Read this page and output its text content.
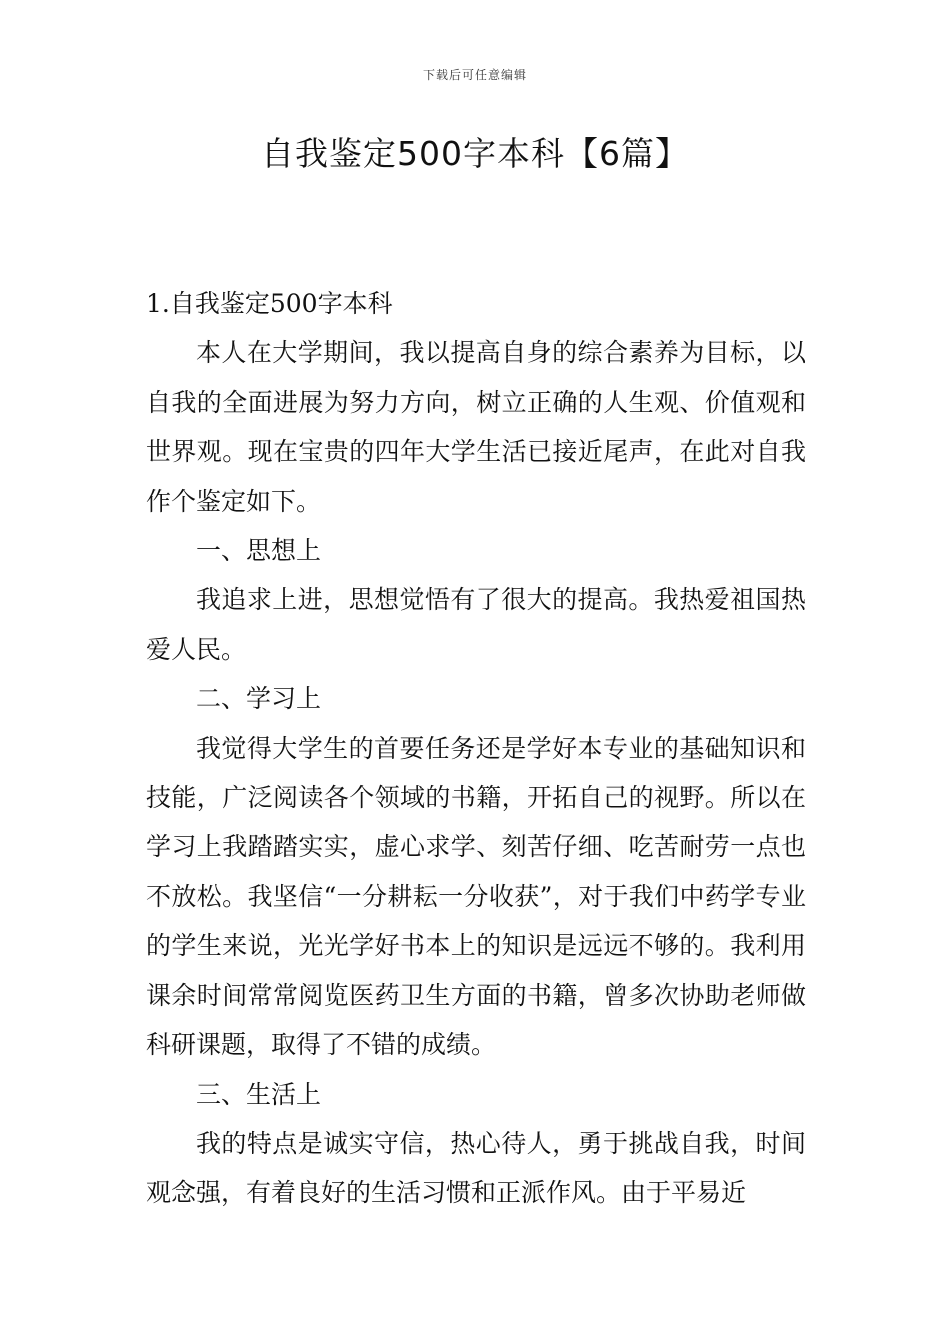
下载后可任意编辑
自我鉴定500字本科【6篇】

1.自我鉴定500字本科

本人在大学期间，我以提高自身的综合素养为目标，以自我的全面进展为努力方向，树立正确的人生观、价值观和世界观。现在宝贵的四年大学生活已接近尾声，在此对自我作个鉴定如下。

一、思想上

我追求上进，思想觉悟有了很大的提高。我热爱祖国热爱人民。

二、学习上

我觉得大学生的首要任务还是学好本专业的基础知识和技能，广泛阅读各个领域的书籍，开拓自己的视野。所以在学习上我踏踏实实，虚心求学、刻苦仔细、吃苦耐劳一点也不放松。我坚信“一分耕耘一分收获”，对于我们中药学专业的学生来说，光光学好书本上的知识是远远不够的。我利用课余时间常常阅览医药卫生方面的书籍，曾多次协助老师做科研课题，取得了不错的成绩。

三、生活上

我的特点是诚实守信，热心待人，勇于挑战自我，时间观念强，有着良好的生活习惯和正派作风。由于平易近
